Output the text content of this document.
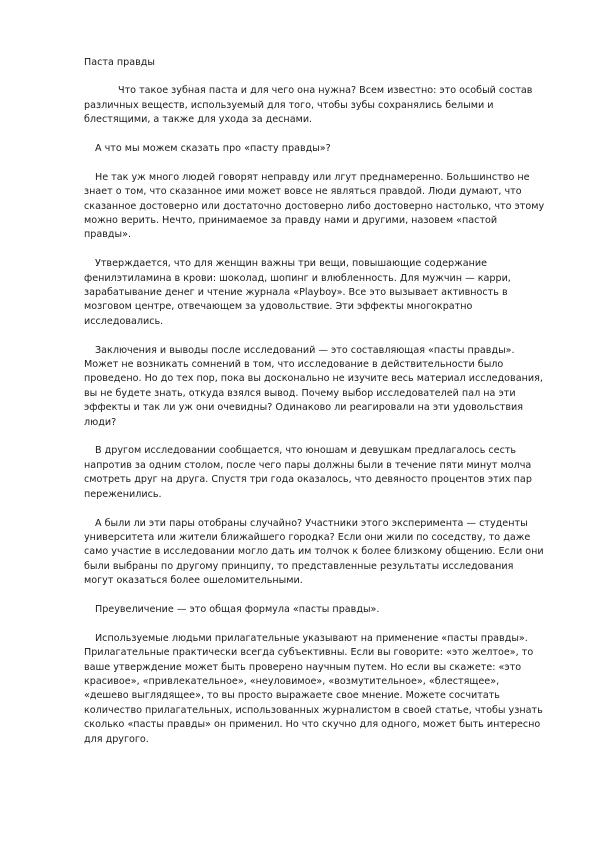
Паста правды

Что такое зубная паста и для чего она нужна? Всем известно: это особый состав различных веществ, используемый для того, чтобы зубы сохранялись белыми и блестящими, а также для ухода за деснами.

А что мы можем сказать про «пасту правды»?

Не так уж много людей говорят неправду или лгут преднамеренно. Большинство не знает о том, что сказанное ими может вовсе не являться правдой. Люди думают, что сказанное достоверно или достаточно достоверно либо достоверно настолько, что этому можно верить. Нечто, принимаемое за правду нами и другими, назовем «пастой правды».

Утверждается, что для женщин важны три вещи, повышающие содержание фенилэтиламина в крови: шоколад, шопинг и влюбленность. Для мужчин — карри, зарабатывание денег и чтение журнала «Playboy». Все это вызывает активность в мозговом центре, отвечающем за удовольствие. Эти эффекты многократно исследовались.

Заключения и выводы после исследований — это составляющая «пасты правды». Может не возникать сомнений в том, что исследование в действительности было проведено. Но до тех пор, пока вы досконально не изучите весь материал исследования, вы не будете знать, откуда взялся вывод. Почему выбор исследователей пал на эти эффекты и так ли уж они очевидны? Одинаково ли реагировали на эти удовольствия люди?

В другом исследовании сообщается, что юношам и девушкам предлагалось сесть напротив за одним столом, после чего пары должны были в течение пяти минут молча смотреть друг на друга. Спустя три года оказалось, что девяносто процентов этих пар переженились.

А были ли эти пары отобраны случайно? Участники этого эксперимента — студенты университета или жители ближайшего городка? Если они жили по соседству, то даже само участие в исследовании могло дать им толчок к более близкому общению. Если они были выбраны по другому принципу, то представленные результаты исследования могут оказаться более ошеломительными.

Преувеличение — это общая формула «пасты правды».

Используемые людьми прилагательные указывают на применение «пасты правды». Прилагательные практически всегда субъективны. Если вы говорите: «это желтое», то ваше утверждение может быть проверено научным путем. Но если вы скажете: «это красивое», «привлекательное», «неуловимое», «возмутительное», «блестящее», «дешево выглядящее», то вы просто выражаете свое мнение. Можете сосчитать количество прилагательных, использованных журналистом в своей статье, чтобы узнать сколько «пасты правды» он применил. Но что скучно для одного, может быть интересно для другого.
